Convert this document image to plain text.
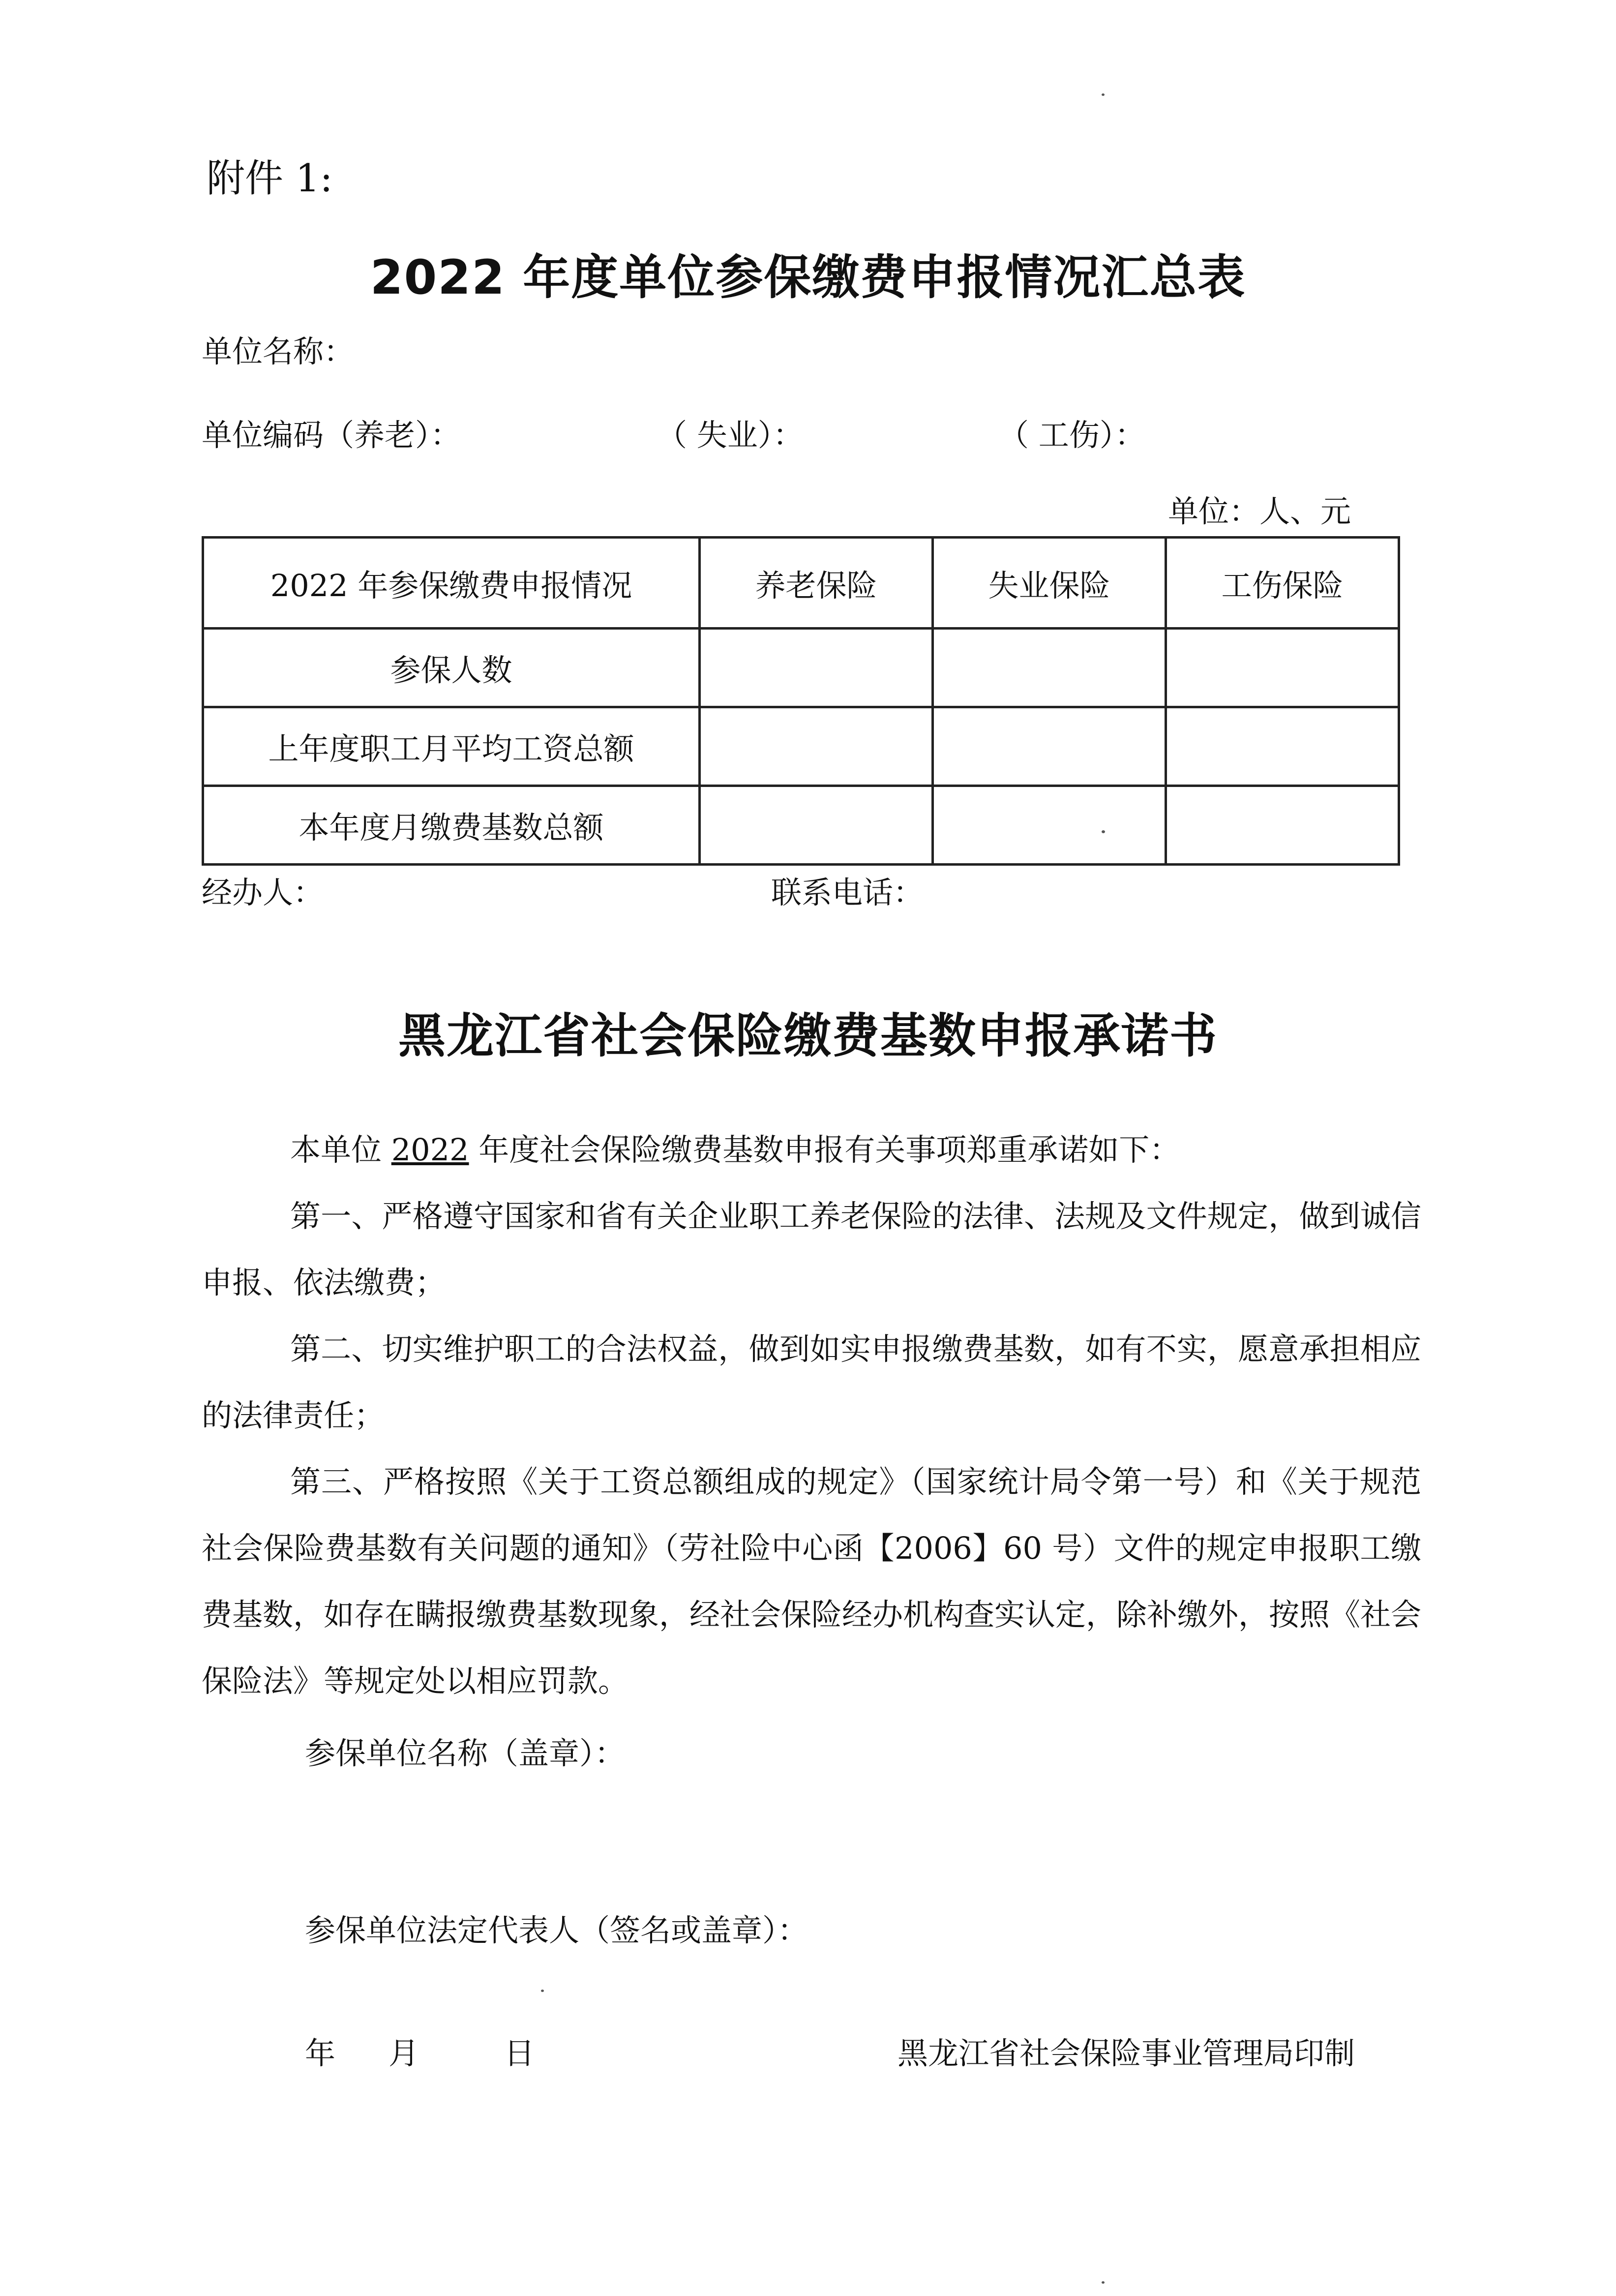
附件 1:
2022 年度单位参保缴费申报情况汇总表
单位名称：
单位编码（养老）：	（ 失业）：	（ 工伤）：
单位：人、元
2022 年参保缴费申报情况	养老保险	失业保险	工伤保险
参保人数			
上年度职工月平均工资总额			
本年度月缴费基数总额			
经办人：	联系电话：
黑龙江省社会保险缴费基数申报承诺书

本单位 2022 年度社会保险缴费基数申报有关事项郑重承诺如下：

第一、严格遵守国家和省有关企业职工养老保险的法律、法规及文件规定，做到诚信申报、依法缴费；

第二、切实维护职工的合法权益，做到如实申报缴费基数，如有不实，愿意承担相应的法律责任；

第三、严格按照《关于工资总额组成的规定》（国家统计局令第一号）和《关于规范社会保险费基数有关问题的通知》（劳社险中心函【2006】60 号）文件的规定申报职工缴费基数，如存在瞒报缴费基数现象，经社会保险经办机构查实认定，除补缴外，按照《社会保险法》等规定处以相应罚款。

参保单位名称（盖章）：
参保单位法定代表人（签名或盖章）：
年 月	日	黑龙江省社会保险事业管理局印制
